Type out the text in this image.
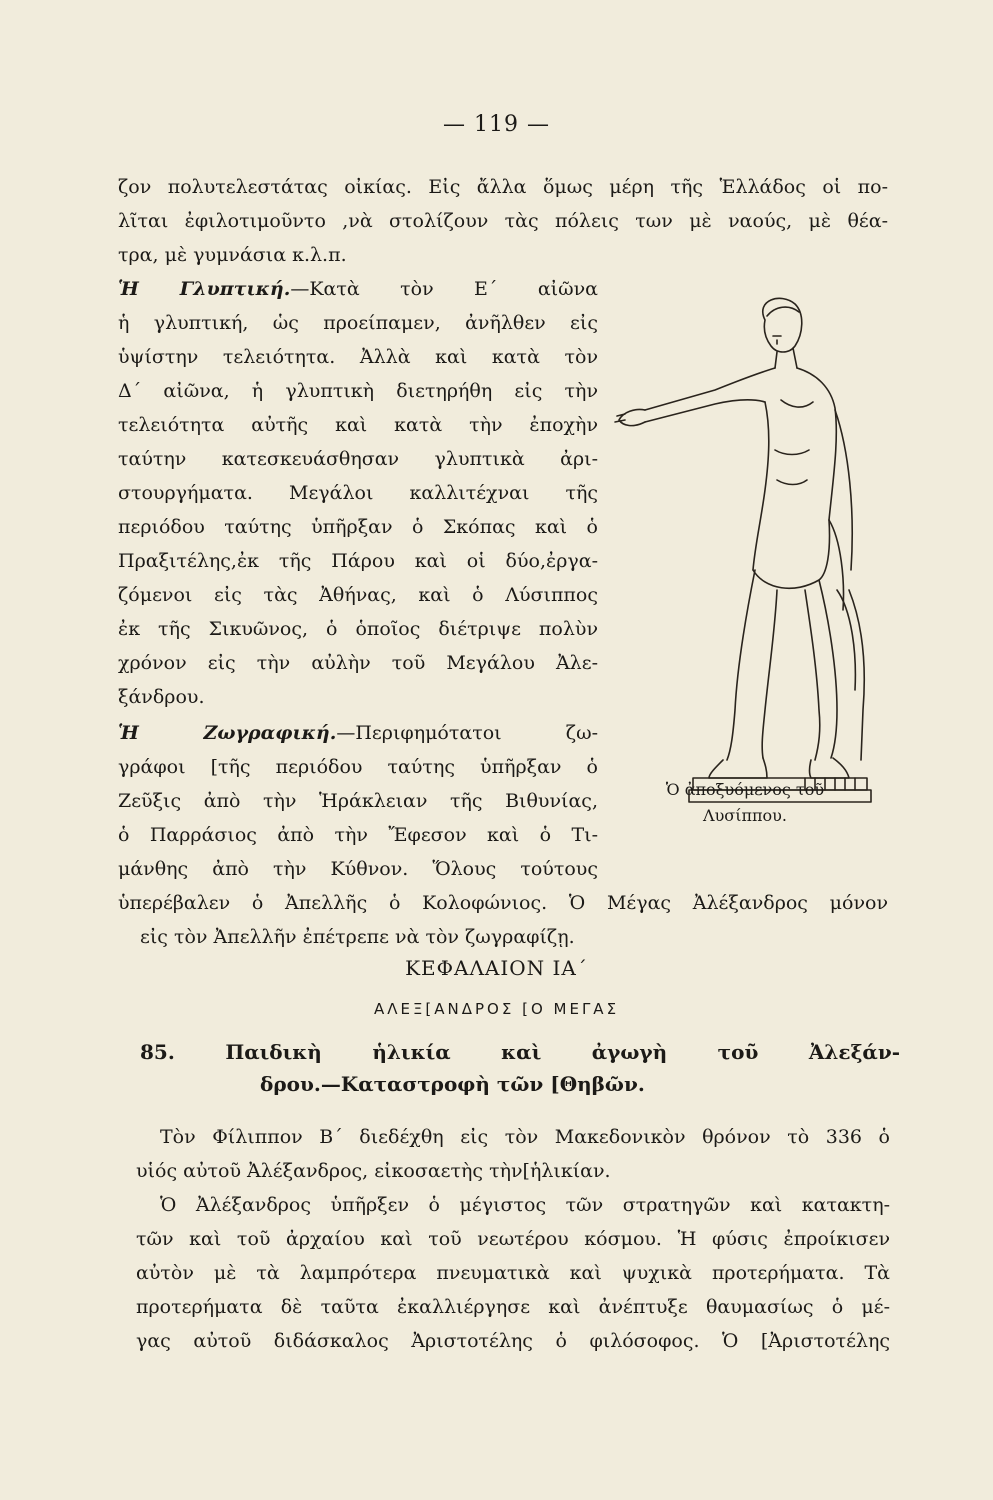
— 119 —
ζον πολυτελεστάτας οἰκίας. Εἰς ἄλλα ὅμως μέρη τῆς Ἑλλάδος οἱ πο-
λῖται ἐφιλοτιμοῦντο ,νὰ στολίζουν τὰς πόλεις των μὲ ναούς, μὲ θέα-
τρα, μὲ γυμνάσια κ.λ.π.
Ἡ Γλυπτική.—Κατὰ τὸν Ε΄ αἰῶνα
ἡ γλυπτική, ὡς προείπαμεν, ἀνῆλθεν εἰς
ὑψίστην τελειότητα. Ἀλλὰ καὶ κατὰ τὸν
Δ΄ αἰῶνα, ἡ γλυπτικὴ διετηρήθη εἰς τὴν
τελειότητα αὐτῆς καὶ κατὰ τὴν ἐποχὴν
ταύτην κατεσκευάσθησαν γλυπτικὰ ἀρι-
στουργήματα. Μεγάλοι καλλιτέχναι τῆς
περιόδου ταύτης ὑπῆρξαν ὁ Σκόπας καὶ ὁ
Πραξιτέλης,ἐκ τῆς Πάρου καὶ οἱ δύο,ἐργα-
ζόμενοι εἰς τὰς Ἀθήνας, καὶ ὁ Λύσιππος
ἐκ τῆς Σικυῶνος, ὁ ὁποῖος διέτριψε πολὺν
χρόνον εἰς τὴν αὐλὴν τοῦ Μεγάλου Ἀλε-
ξάνδρου.
Ἡ Ζωγραφική.—Περιφημότατοι ζω-
γράφοι [τῆς περιόδου ταύτης ὑπῆρξαν ὁ
Ζεῦξις ἀπὸ τὴν Ἡράκλειαν τῆς Βιθυνίας,
ὁ Παρράσιος ἀπὸ τὴν Ἔφεσον καὶ ὁ Τι-
μάνθης ἀπὸ τὴν Κύθνον. Ὅλους τούτους
ὑπερέβαλεν ὁ Ἀπελλῆς ὁ Κολοφώνιος. Ὁ Μέγας Ἀλέξανδρος μόνον
εἰς τὸν Ἀπελλῆν ἐπέτρεπε νὰ τὸν ζωγραφίζῃ.
Ὁ ἀποξυόμενος τοῦ
Λυσίππου.
ΚΕΦΑΛΑΙΟΝ ΙΑ΄
ΑΛΕΞ[ΑΝΔΡΟΣ [Ο ΜΕΓΑΣ
85. Παιδικὴ ἡλικία καὶ ἀγωγὴ τοῦ Ἀλεξάν-
δρου.—Καταστροφὴ τῶν [Θηβῶν.
Τὸν Φίλιππον Β΄ διεδέχθη εἰς τὸν Μακεδονικὸν θρόνον τὸ 336 ὁ
υἱός αὐτοῦ Ἀλέξανδρος, εἰκοσαετὴς τὴν[ἡλικίαν.
Ὁ Ἀλέξανδρος ὑπῆρξεν ὁ μέγιστος τῶν στρατηγῶν καὶ κατακτη-
τῶν καὶ τοῦ ἀρχαίου καὶ τοῦ νεωτέρου κόσμου. Ἡ φύσις ἐπροίκισεν
αὐτὸν μὲ τὰ λαμπρότερα πνευματικὰ καὶ ψυχικὰ προτερήματα. Τὰ
προτερήματα δὲ ταῦτα ἐκαλλιέργησε καὶ ἀνέπτυξε θαυμασίως ὁ μέ-
γας αὐτοῦ διδάσκαλος Ἀριστοτέλης ὁ φιλόσοφος. Ὁ [Ἀριστοτέλης
